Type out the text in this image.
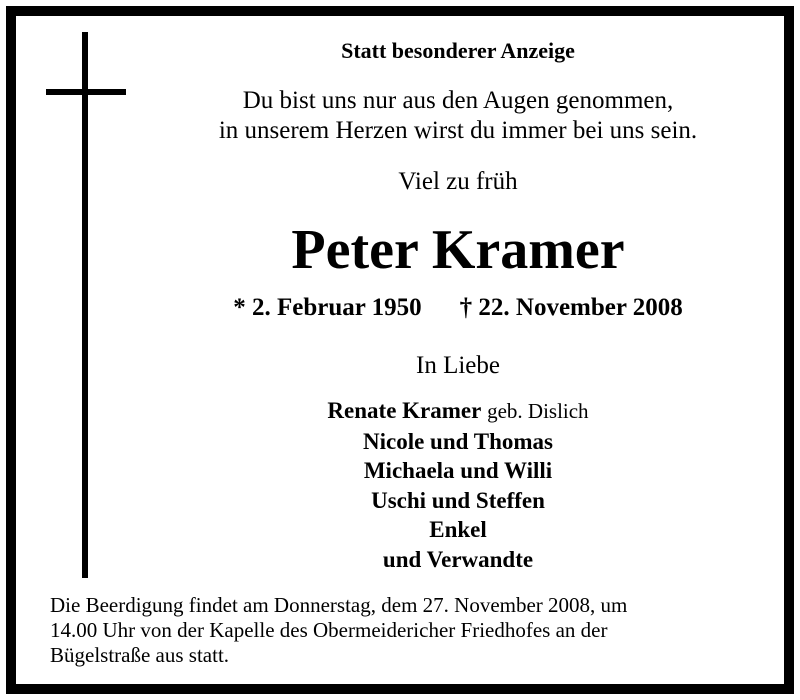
Statt besonderer Anzeige
Du bist uns nur aus den Augen genommen,
in unserem Herzen wirst du immer bei uns sein.
Viel zu früh
Peter Kramer
* 2. Februar 1950 † 22. November 2008
In Liebe
Renate Kramer geb. Dislich
Nicole und Thomas
Michaela und Willi
Uschi und Steffen
Enkel
und Verwandte
Die Beerdigung findet am Donnerstag, dem 27. November 2008, um
14.00 Uhr von der Kapelle des Obermeidericher Friedhofes an der
Bügelstraße aus statt.
